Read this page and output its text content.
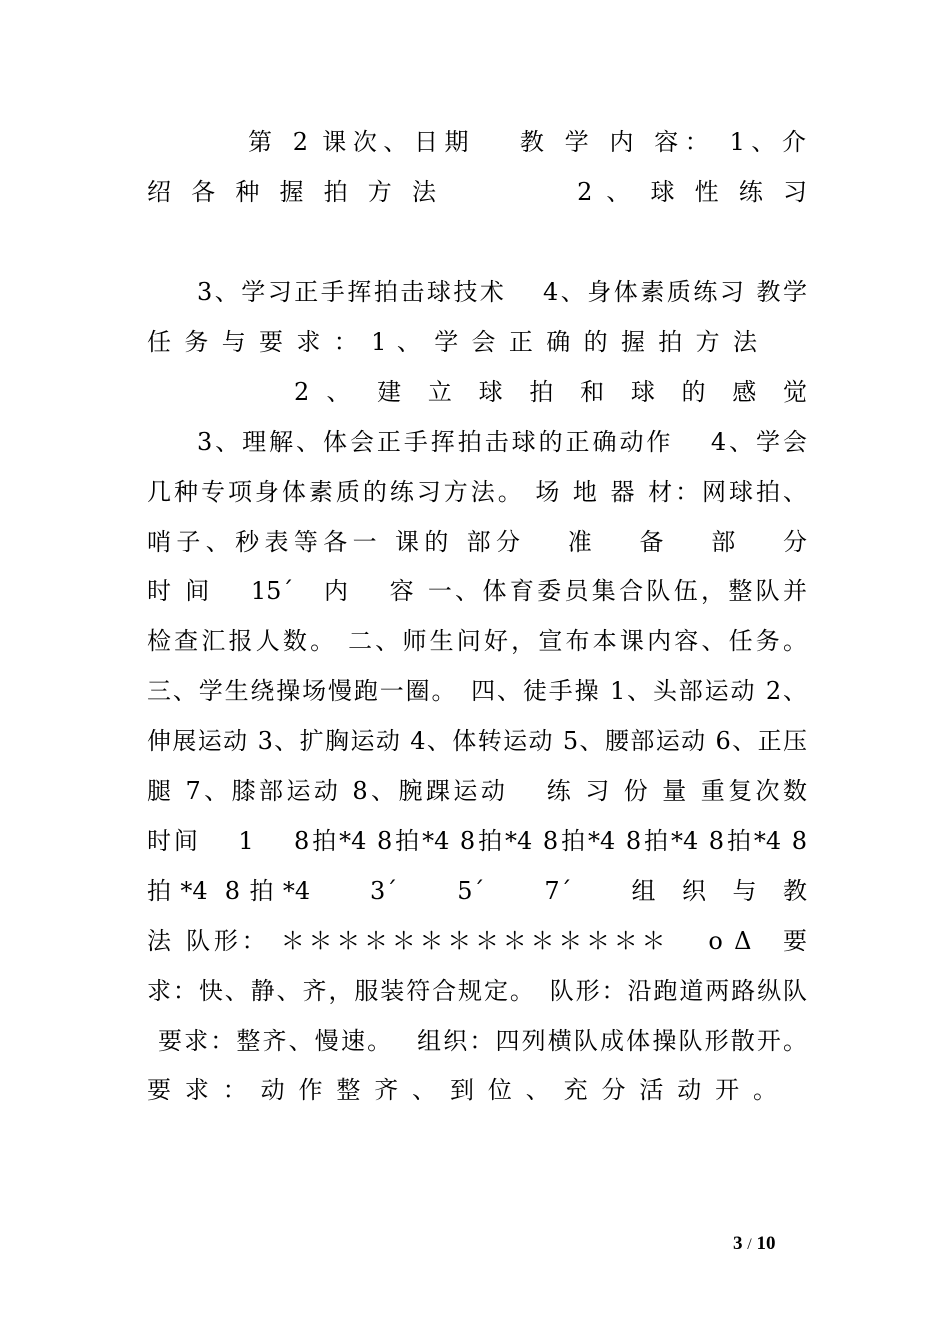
第 2 课次、日期　 教 学 内 容： 1、介
绍 各 种 握 拍 方 法　　　　 2 、 球 性 练 习
3、学习正手挥拍击球技术　 4、身体素质练习 教学
任 务 与 要 求 ： 1 、 学 会 正 确 的 握 拍 方 法
2 、 建 立 球 拍 和 球 的 感 觉
3、理解、体会正手挥拍击球的正确动作　 4、学会
几种专项身体素质的练习方法。 场 地 器 材：网球拍、
哨子、秒表等各一 课的 部分　 准　 备　 部　 分
时 间　 15´　内　 容 一、体育委员集合队伍，整队并
检查汇报人数。 二、师生问好，宣布本课内容、任务。
三、学生绕操场慢跑一圈。　四、徒手操 1、头部运动 2、
伸展运动 3、扩胸运动 4、体转运动 5、腰部运动 6、正压
腿 7、膝部运动 8、腕踝运动　 练 习 份 量 重复次数
时间　 1　 8拍*4 8拍*4 8拍*4 8拍*4 8拍*4 8拍*4 8
拍*4 8拍*4　 3´　 5´　 7´　 组 织 与 教
法 队形： ＊＊＊＊＊＊＊＊＊＊＊＊＊＊　 ο Δ　要
求：快、静、齐，服装符合规定。　队形：沿跑道两路纵队
要求：整齐、慢速。　 组织：四列横队成体操队形散开。
要 求 ： 动 作 整 齐 、 到 位 、 充 分 活 动 开 。
3 / 10
